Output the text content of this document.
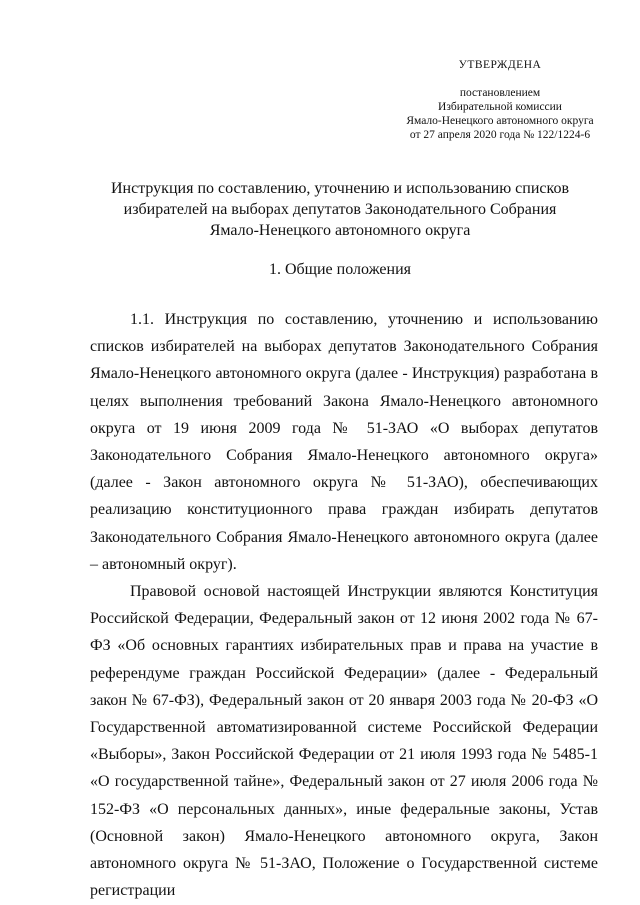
УТВЕРЖДЕНА
постановлением
Избирательной комиссии
Ямало-Ненецкого автономного округа
от 27 апреля 2020 года № 122/1224-6
Инструкция по составлению, уточнению и использованию списков
избирателей на выборах депутатов Законодательного Собрания
Ямало-Ненецкого автономного округа
1. Общие положения

1.1. Инструкция по составлению, уточнению и использованию списков избирателей на выборах депутатов Законодательного Собрания Ямало-Ненецкого автономного округа (далее - Инструкция) разработана в целях выполнения требований Закона Ямало-Ненецкого автономного округа от 19 июня 2009 года № 51-ЗАО «О выборах депутатов Законодательного Собрания Ямало-Ненецкого автономного округа» (далее - Закон автономного округа № 51-ЗАО), обеспечивающих реализацию конституционного права граждан избирать депутатов Законодательного Собрания Ямало-Ненецкого автономного округа (далее – автономный округ).

Правовой основой настоящей Инструкции являются Конституция Российской Федерации, Федеральный закон от 12 июня 2002 года № 67-ФЗ «Об основных гарантиях избирательных прав и права на участие в референдуме граждан Российской Федерации» (далее - Федеральный закон № 67-ФЗ), Федеральный закон от 20 января 2003 года № 20-ФЗ «О Государственной автоматизированной системе Российской Федерации «Выборы», Закон Российской Федерации от 21 июля 1993 года № 5485-1 «О государственной тайне», Федеральный закон от 27 июля 2006 года № 152-ФЗ «О персональных данных», иные федеральные законы, Устав (Основной закон) Ямало-Ненецкого автономного округа, Закон автономного округа № 51-ЗАО, Положение о Государственной системе регистрации
